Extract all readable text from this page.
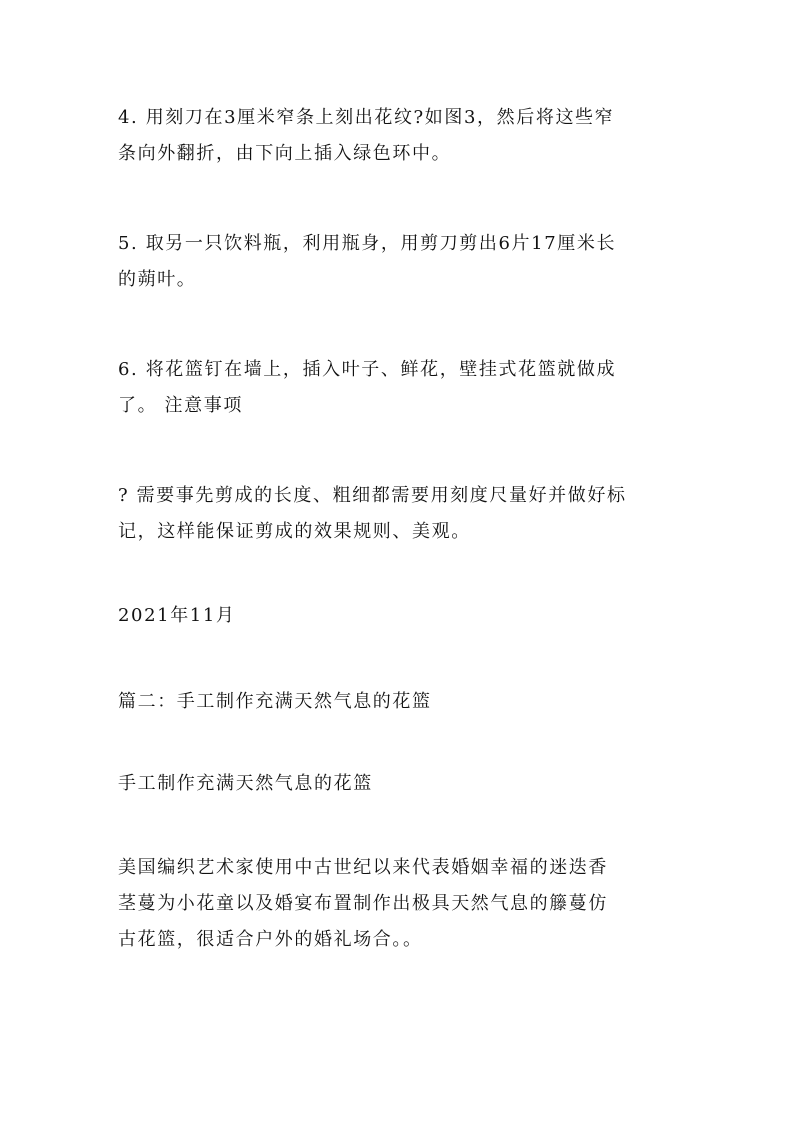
4. 用刻刀在3厘米窄条上刻出花纹?如图3，然后将这些窄
条向外翻折，由下向上插入绿色环中。

5. 取另一只饮料瓶，利用瓶身，用剪刀剪出6片17厘米长
的蒴叶。

6. 将花篮钉在墙上，插入叶子、鲜花，壁挂式花篮就做成
了。 注意事项

? 需要事先剪成的长度、粗细都需要用刻度尺量好并做好标
记，这样能保证剪成的效果规则、美观。

2021年11月

篇二：手工制作充满天然气息的花篮

手工制作充满天然气息的花篮

美国编织艺术家使用中古世纪以来代表婚姻幸福的迷迭香
茎蔓为小花童以及婚宴布置制作出极具天然气息的籐蔓仿
古花篮，很适合户外的婚礼场合。。
